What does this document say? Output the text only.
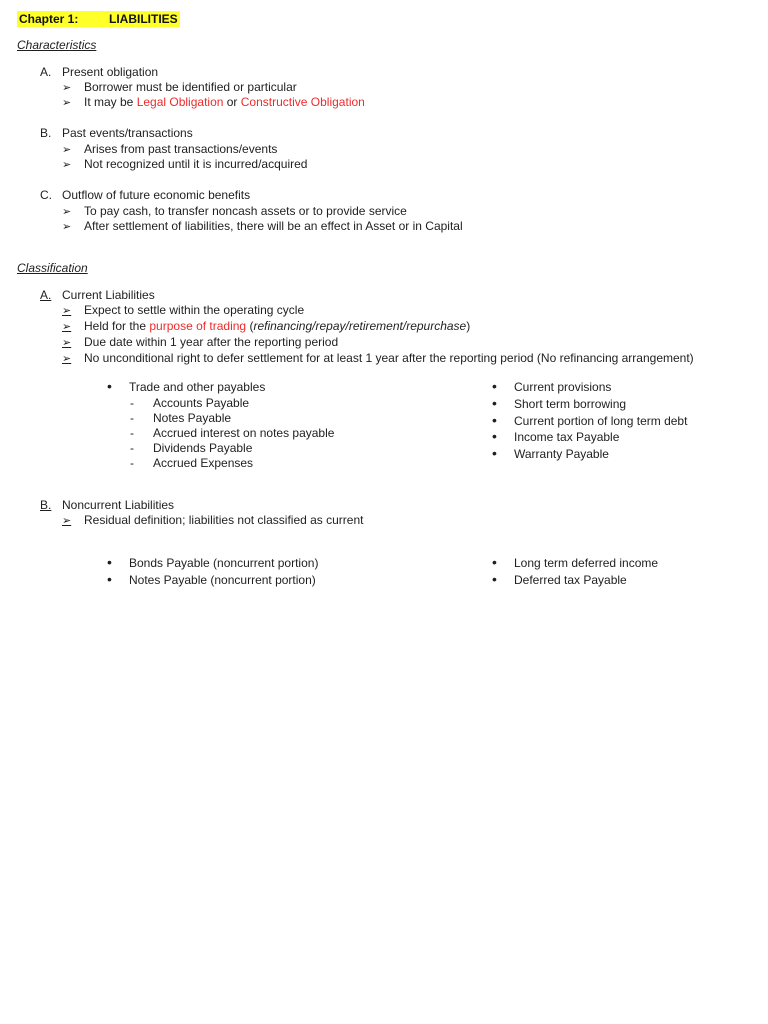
Chapter 1:	LIABILITIES
Characteristics
A. Present obligation
➢ Borrower must be identified or particular
➢ It may be Legal Obligation or Constructive Obligation
B. Past events/transactions
➢ Arises from past transactions/events
➢ Not recognized until it is incurred/acquired
C. Outflow of future economic benefits
➢ To pay cash, to transfer noncash assets or to provide service
➢ After settlement of liabilities, there will be an effect in Asset or in Capital
Classification
A. Current Liabilities
➢ Expect to settle within the operating cycle
➢ Held for the purpose of trading (refinancing/repay/retirement/repurchase)
➢ Due date within 1 year after the reporting period
➢ No unconditional right to defer settlement for at least 1 year after the reporting period (No refinancing arrangement)
• Trade and other payables
- Accounts Payable
- Notes Payable
- Accrued interest on notes payable
- Dividends Payable
- Accrued Expenses
• Current provisions
• Short term borrowing
• Current portion of long term debt
• Income tax Payable
• Warranty Payable
B. Noncurrent Liabilities
➢ Residual definition; liabilities not classified as current
• Bonds Payable (noncurrent portion)
• Notes Payable (noncurrent portion)
• Long term deferred income
• Deferred tax Payable
